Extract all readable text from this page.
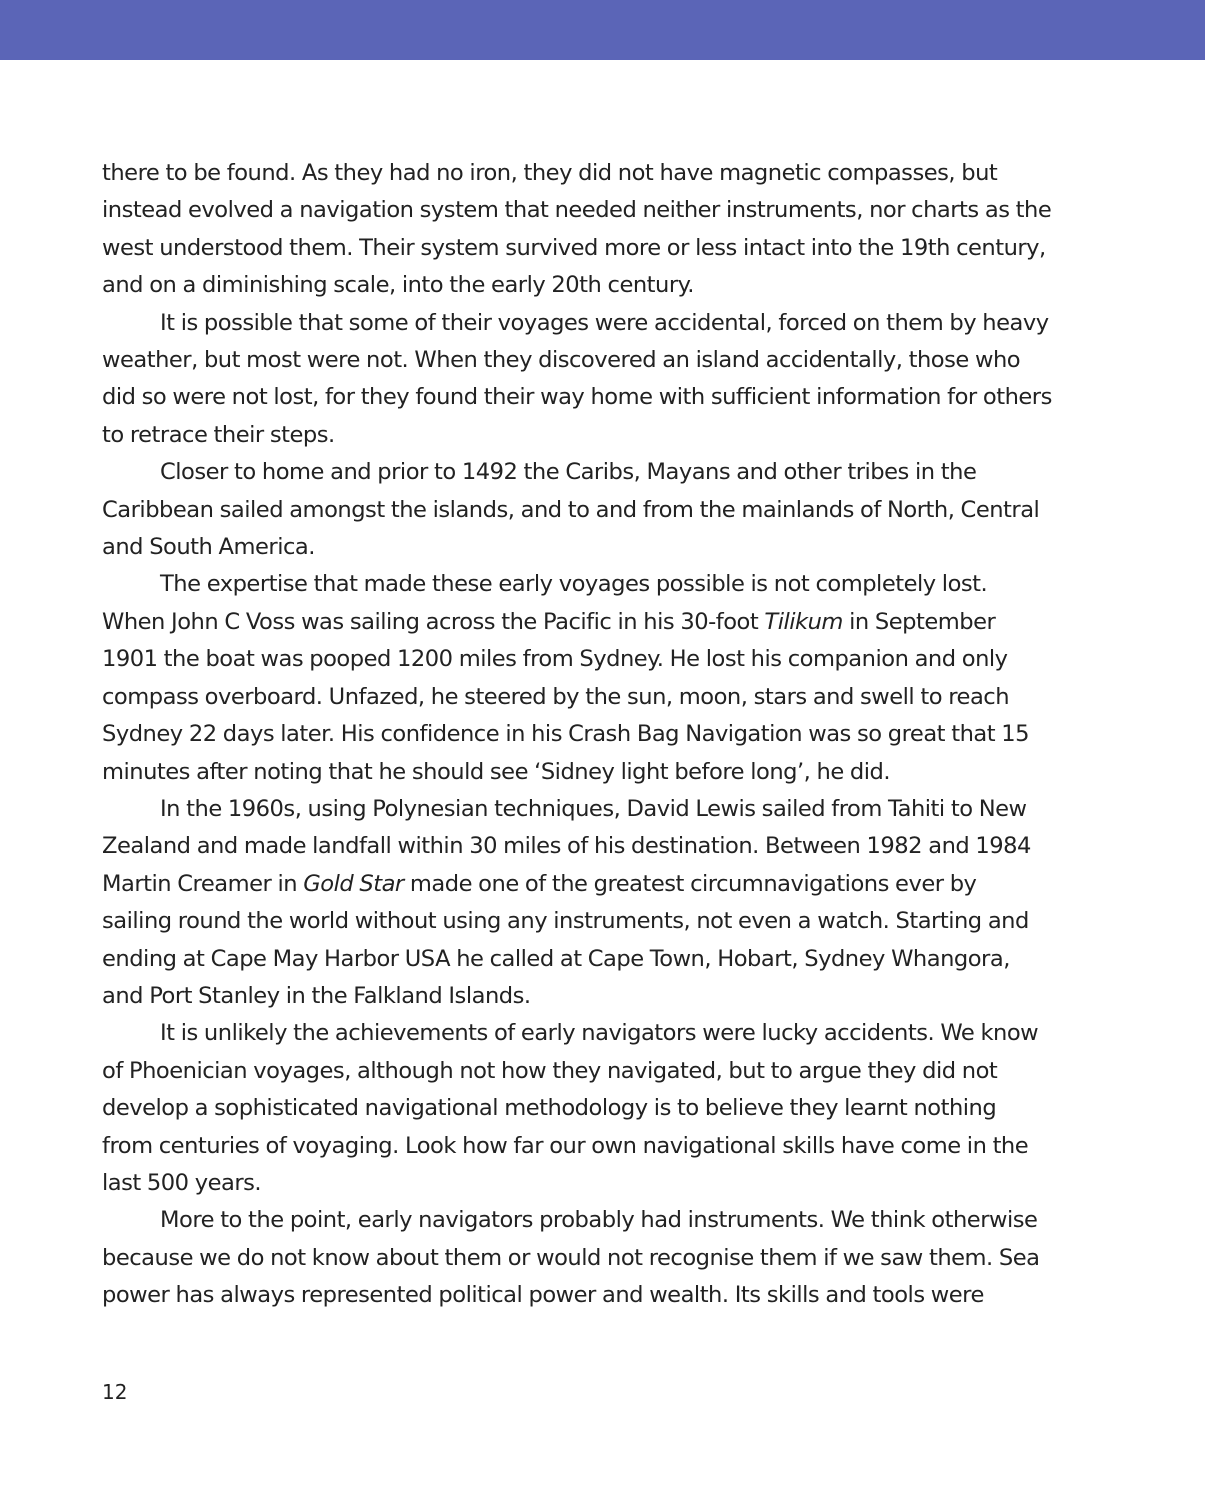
there to be found. As they had no iron, they did not have magnetic compasses, but instead evolved a navigation system that needed neither instruments, nor charts as the west understood them. Their system survived more or less intact into the 19th century, and on a diminishing scale, into the early 20th century.

It is possible that some of their voyages were accidental, forced on them by heavy weather, but most were not. When they discovered an island accidentally, those who did so were not lost, for they found their way home with sufficient information for others to retrace their steps.

Closer to home and prior to 1492 the Caribs, Mayans and other tribes in the Caribbean sailed amongst the islands, and to and from the mainlands of North, Central and South America.

The expertise that made these early voyages possible is not completely lost. When John C Voss was sailing across the Pacific in his 30-foot Tilikum in September 1901 the boat was pooped 1200 miles from Sydney. He lost his companion and only compass overboard. Unfazed, he steered by the sun, moon, stars and swell to reach Sydney 22 days later. His confidence in his Crash Bag Navigation was so great that 15 minutes after noting that he should see ‘Sidney light before long’, he did.

In the 1960s, using Polynesian techniques, David Lewis sailed from Tahiti to New Zealand and made landfall within 30 miles of his destination. Between 1982 and 1984 Martin Creamer in Gold Star made one of the greatest circumnavigations ever by sailing round the world without using any instruments, not even a watch. Starting and ending at Cape May Harbor USA he called at Cape Town, Hobart, Sydney Whangora, and Port Stanley in the Falkland Islands.

It is unlikely the achievements of early navigators were lucky accidents. We know of Phoenician voyages, although not how they navigated, but to argue they did not develop a sophisticated navigational methodology is to believe they learnt nothing from centuries of voyaging. Look how far our own navigational skills have come in the last 500 years.

More to the point, early navigators probably had instruments. We think otherwise because we do not know about them or would not recognise them if we saw them. Sea power has always represented political power and wealth. Its skills and tools were

12
